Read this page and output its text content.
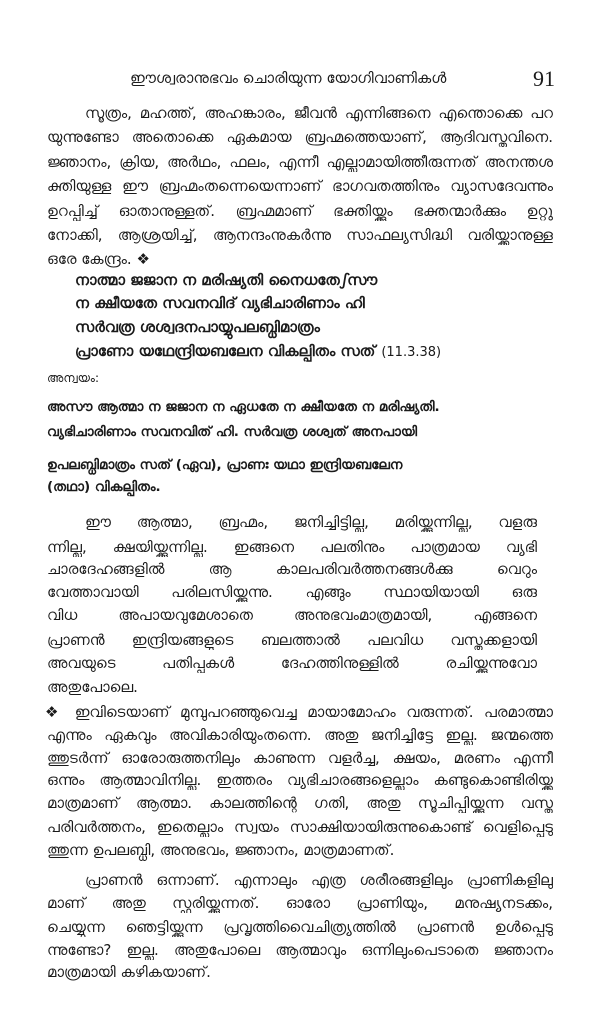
ഈശ്വരാനുഭവം ചൊരിയുന്ന യോഗിവാണികൾ	91
സൂത്രം, മഹത്ത്, അഹങ്കാരം, ജീവൻ എന്നിങ്ങനെ എന്തൊക്കെ പറ
യുന്നുണ്ടോ അതൊക്കെ ഏകമായ ബ്രഹ്മത്തെയാണ്, ആദിവസ്തുവിനെ.
ജ്ഞാനം, ക്രിയ, അർഥം, ഫലം, എന്നീ എല്ലാമായിത്തീരുന്നത് അനന്തശ
ക്തിയുള്ള ഈ ബ്രഹ്മംതന്നെയെന്നാണ് ഭാഗവതത്തിനും വ്യാസദേവന്നും
ഉറപ്പിച്ച് ഓതാനുള്ളത്. ബ്രഹ്മമാണ് ഭക്തിയ്ക്കും ഭക്തന്മാർക്കും ഉറ്റു
നോക്കി, ആശ്രയിച്ച്, ആനന്ദംനുകർന്നു സാഫല്യസിദ്ധി വരിയ്ക്കാനുള്ള
ഒരേ കേന്ദ്രം. ❖
നാത്മാ ജജാന ന മരിഷ്യതി നൈധതേഽസൗ
ന ക്ഷീയതേ സവനവിദ് വ്യഭിചാരിണാം ഹി
സർവത്ര ശശ്വദനപായ്യുപലബ്ധിമാത്രം
പ്രാണോ യഥേന്ദ്രിയബലേന വികല്പിതം സത് (11.3.38)
അന്വയം:
അസൗ ആത്മാ ന ജജാന ന ഏധതേ ന ക്ഷീയതേ ന മരിഷ്യതി.
വ്യഭിചാരിണാം സവനവിത് ഹി. സർവത്ര ശശ്വത് അനപായി
ഉപലബ്ധിമാത്രം സത് (ഏവ), പ്രാണഃ യഥാ ഇന്ദ്രിയബലേന
(തഥാ) വികല്പിതം.
ഈ ആത്മാ, ബ്രഹ്മം, ജനിച്ചിട്ടില്ല, മരിയ്ക്കുന്നില്ല, വളരു
ന്നില്ല, ക്ഷയിയ്ക്കുന്നില്ല. ഇങ്ങനെ പലതിനും പാത്രമായ വ്യഭി
ചാരദേഹങ്ങളിൽ ആ കാലപരിവർത്തനങ്ങൾക്കു വെറും
വേത്താവായി പരിലസിയ്ക്കുന്നു. എങ്ങും സ്ഥായിയായി ഒരു
വിധ അപായവുമേശാതെ അനുഭവംമാത്രമായി, എങ്ങനെ
പ്രാണൻ ഇന്ദ്രിയങ്ങളുടെ ബലത്താൽ പലവിധ വസ്തുക്കളായി
അവയുടെ പതിപ്പുകൾ ദേഹത്തിനുള്ളിൽ രചിയ്ക്കുന്നുവോ
അതുപോലെ.
❖ ഇവിടെയാണ് മുമ്പുപറഞ്ഞുവെച്ച മായാമോഹം വരുന്നത്. പരമാത്മാ
എന്നും ഏകവും അവികാരിയുംതന്നെ. അതു ജനിച്ചിട്ടേ ഇല്ല. ജന്മത്തെ
ത്തുടർന്ന് ഓരോരുത്തനിലും കാണുന്ന വളർച്ച, ക്ഷയം, മരണം എന്നീ
ഒന്നും ആത്മാവിനില്ല. ഇത്തരം വ്യഭിചാരങ്ങളെല്ലാം കണ്ടുകൊണ്ടിരിയ്ക്ക
മാത്രമാണ് ആത്മാ. കാലത്തിന്റെ ഗതി, അതു സൂചിപ്പിയ്ക്കുന്ന വസ്തു
പരിവർത്തനം, ഇതെല്ലാം സ്വയം സാക്ഷിയായിരുന്നുകൊണ്ട് വെളിപ്പെടു
ത്തുന്ന ഉപലബ്ധി, അനുഭവം, ജ്ഞാനം, മാത്രമാണത്.
പ്രാണൻ ഒന്നാണ്. എന്നാലും എത്ര ശരീരങ്ങളിലും പ്രാണികളിലു
മാണ് അതു സ്ഫുരിയ്ക്കുന്നത്. ഓരോ പ്രാണിയും, മനുഷ്യനടക്കം,
ചെയ്യുന്ന ഞെട്ടിയ്ക്കുന്ന പ്രവൃത്തിവൈചിത്ര്യത്തിൽ പ്രാണൻ ഉൾപ്പെടു
ന്നുണ്ടോ? ഇല്ല. അതുപോലെ ആത്മാവും ഒന്നിലുംപെടാതെ ജ്ഞാനം
മാത്രമായി കഴികയാണ്.
